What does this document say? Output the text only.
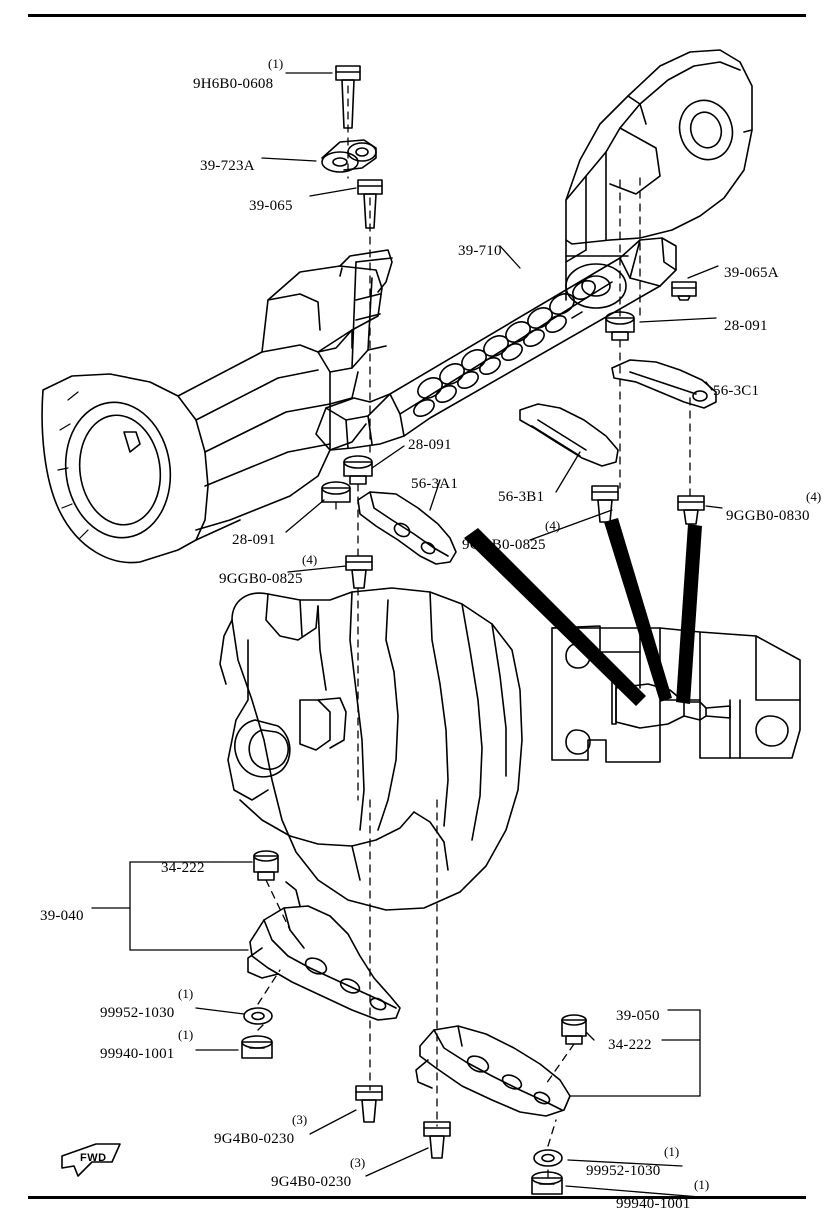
9H6B0-0608
(1)
39-723A
39-065
39-710
39-065A
28-091
56-3C1
28-091
56-3A1
56-3B1
9GGB0-0830
(4)
28-091	9GGB0-0825
(4)
9GGB0-0825
(4)
34-222
39-040
99952-1030
(1)
99940-1001
(1)
39-050
34-222
9G4B0-0230
(3)
9G4B0-0230
(3)
99952-1030
(1)
99940-1001
(1)
FWD
